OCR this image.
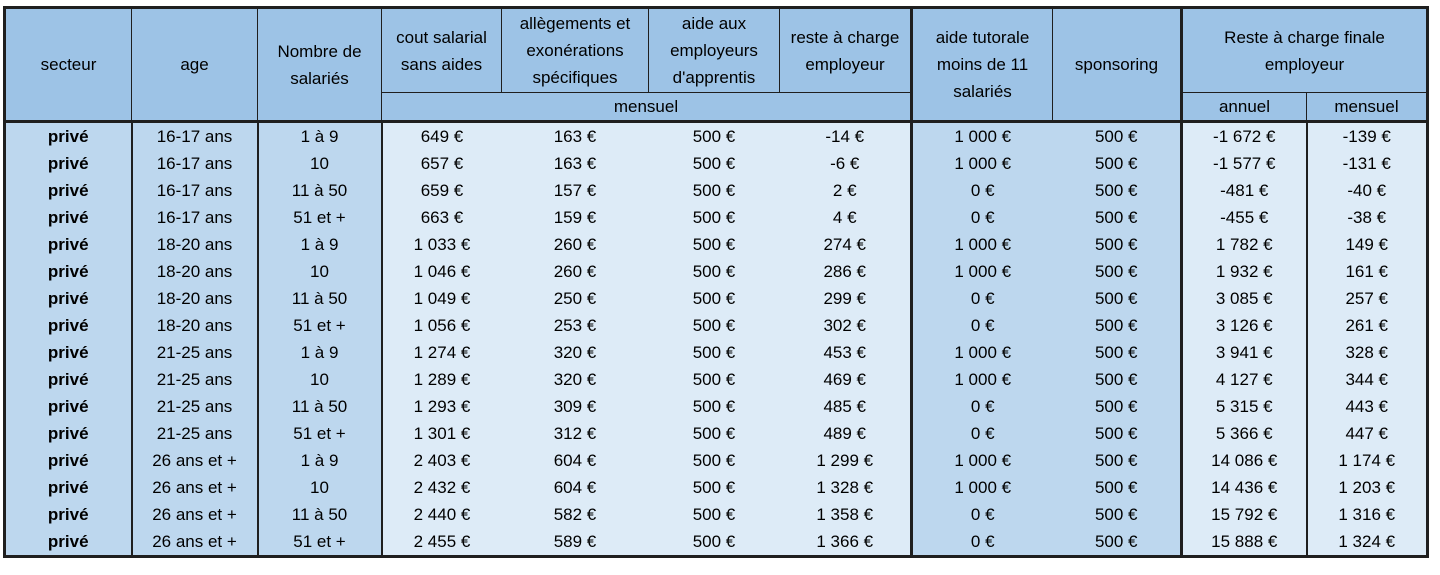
secteur	age	Nombre de salariés	cout salarial sans aides	allègements et exonérations spécifiques	aide aux employeurs d'apprentis	reste à charge employeur	aide tutorale moins de 11 salariés	sponsoring	Reste à charge finale employeur	
			mensuel						annuel	mensuel
privé	16-17 ans	1 à 9	649 €	163 €	500 €	-14 €	1 000 €	500 €	-1 672 €	-139 €
privé	16-17 ans	10	657 €	163 €	500 €	-6 €	1 000 €	500 €	-1 577 €	-131 €
privé	16-17 ans	11 à 50	659 €	157 €	500 €	2 €	0 €	500 €	-481 €	-40 €
privé	16-17 ans	51 et +	663 €	159 €	500 €	4 €	0 €	500 €	-455 €	-38 €
privé	18-20 ans	1 à 9	1 033 €	260 €	500 €	274 €	1 000 €	500 €	1 782 €	149 €
privé	18-20 ans	10	1 046 €	260 €	500 €	286 €	1 000 €	500 €	1 932 €	161 €
privé	18-20 ans	11 à 50	1 049 €	250 €	500 €	299 €	0 €	500 €	3 085 €	257 €
privé	18-20 ans	51 et +	1 056 €	253 €	500 €	302 €	0 €	500 €	3 126 €	261 €
privé	21-25 ans	1 à 9	1 274 €	320 €	500 €	453 €	1 000 €	500 €	3 941 €	328 €
privé	21-25 ans	10	1 289 €	320 €	500 €	469 €	1 000 €	500 €	4 127 €	344 €
privé	21-25 ans	11 à 50	1 293 €	309 €	500 €	485 €	0 €	500 €	5 315 €	443 €
privé	21-25 ans	51 et +	1 301 €	312 €	500 €	489 €	0 €	500 €	5 366 €	447 €
privé	26 ans et +	1 à 9	2 403 €	604 €	500 €	1 299 €	1 000 €	500 €	14 086 €	1 174 €
privé	26 ans et +	10	2 432 €	604 €	500 €	1 328 €	1 000 €	500 €	14 436 €	1 203 €
privé	26 ans et +	11 à 50	2 440 €	582 €	500 €	1 358 €	0 €	500 €	15 792 €	1 316 €
privé	26 ans et +	51 et +	2 455 €	589 €	500 €	1 366 €	0 €	500 €	15 888 €	1 324 €
